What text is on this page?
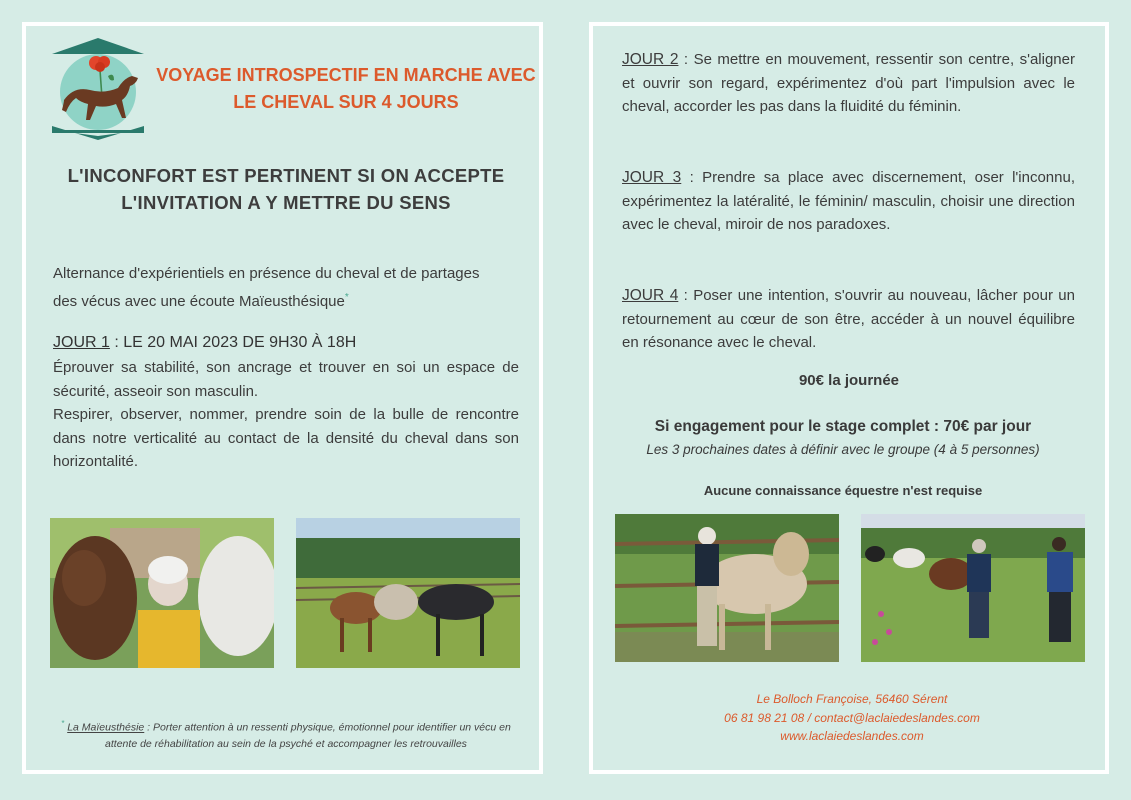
VOYAGE INTROSPECTIF EN MARCHE AVEC LE CHEVAL SUR 4 JOURS
L'INCONFORT EST PERTINENT SI ON ACCEPTE
L'INVITATION A Y METTRE DU SENS
Alternance d'expérientiels en présence du cheval et de partages des vécus avec une écoute Maïeusthésique*
JOUR 1 : LE 20 MAI 2023 DE 9H30 À 18H
Éprouver sa stabilité, son ancrage et trouver en soi un espace de sécurité, asseoir son masculin.
Respirer, observer, nommer, prendre soin de la bulle de rencontre dans notre verticalité au contact de la densité du cheval dans son horizontalité.
* La Maïeusthésie : Porter attention à un ressenti physique, émotionnel pour identifier un vécu en attente de réhabilitation au sein de la psyché et accompagner les retrouvailles
JOUR 2 : Se mettre en mouvement, ressentir son centre, s'aligner et ouvrir son regard, expérimentez d'où part l'impulsion avec le cheval, accorder les pas dans la fluidité du féminin.
JOUR 3 : Prendre sa place avec discernement, oser l'inconnu, expérimentez la latéralité, le féminin/ masculin, choisir une direction avec le cheval, miroir de nos paradoxes.
JOUR 4 : Poser une intention, s'ouvrir au nouveau, lâcher pour un retournement au cœur de son être, accéder à un nouvel équilibre en résonance avec le cheval.
90€ la journée
Si engagement pour le stage complet : 70€ par jour
Les 3 prochaines dates à définir avec le groupe (4 à 5 personnes)
Aucune connaissance équestre n'est requise
Le Bolloch Françoise, 56460 Sérent
06 81 98 21 08 / contact@laclaiedeslandes.com
www.laclaiedeslandes.com
